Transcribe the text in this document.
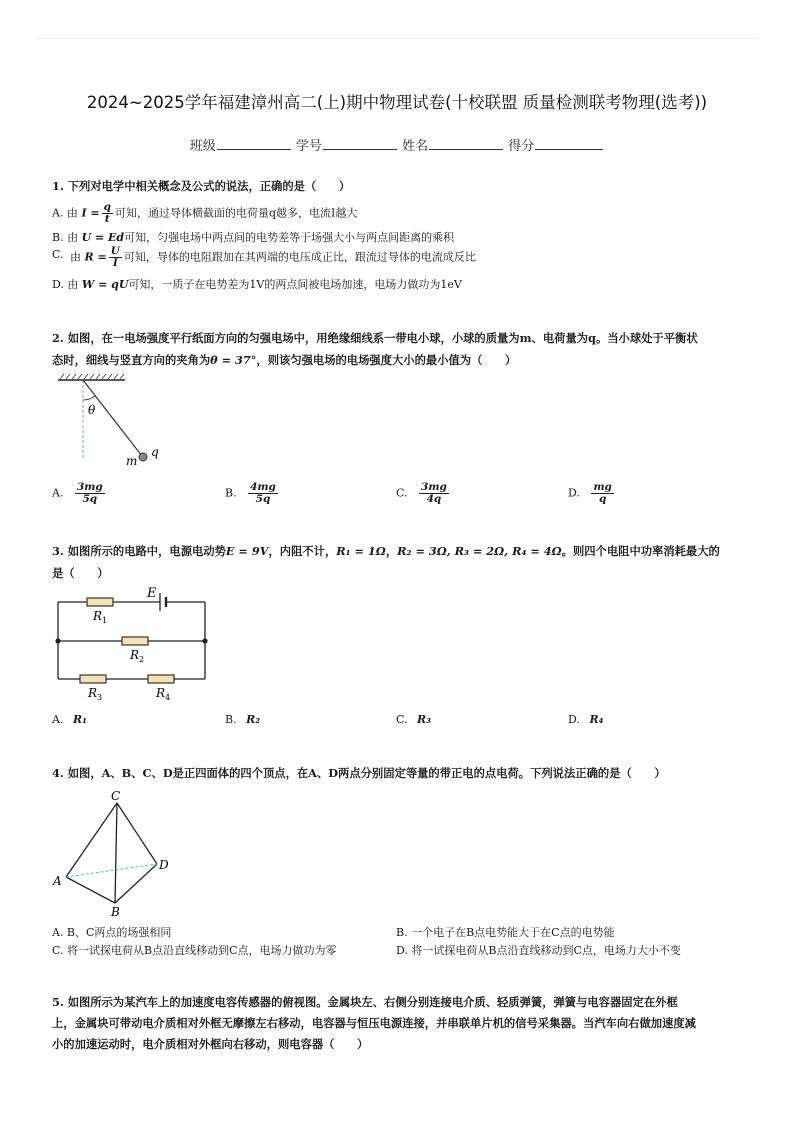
2024~2025学年福建漳州高二(上)期中物理试卷(十校联盟 质量检测联考物理(选考))
班级	学号	姓名	得分
1. 下列对电学中相关概念及公式的说法，正确的是（　　）
A. 由 $I = \frac{q}{t}$ 可知，通过导体横截面的电荷量q越多，电流I越大
B. 由 U = Ed可知，匀强电场中两点间的电势差等于场强大小与两点间距离的乘积
C. 由 $R = \frac{U}{I}$ 可知，导体的电阻跟加在其两端的电压成正比，跟流过导体的电流成反比
D. 由 W = qU可知，一质子在电势差为1V的两点间被电场加速，电场力做功为1eV
2. 如图，在一电场强度平行纸面方向的匀强电场中，用绝缘细线系一带电小球，小球的质量为m、电荷量为q。当小球处于平衡状
态时，细线与竖直方向的夹角为θ = 37°，则该匀强电场的电场强度大小的最小值为（　　）
θ
m
q
A. $\frac{3mg}{5q}$	B. $\frac{4mg}{5q}$	C. $\frac{3mg}{4q}$	D. $\frac{mg}{q}$
3. 如图所示的电路中，电源电动势E = 9V，内阻不计，R₁ = 1Ω，R₂ = 3Ω, R₃ = 2Ω, R₄ = 4Ω。则四个电阻中功率消耗最大的
是（　　）
E
$R_1$
$R_2$
$R_3$	$R_4$
A. R₁	B. R₂	C. R₃	D. R₄
4. 如图，A、B、C、D是正四面体的四个顶点，在A、D两点分别固定等量的带正电的点电荷。下列说法正确的是（　　）
C
A
B
D
A. B、C两点的场强相同	B. 一个电子在B点电势能大于在C点的电势能
C. 将一试探电荷从B点沿直线移动到C点，电场力做功为零	D. 将一试探电荷从B点沿直线移动到C点，电场力大小不变
5. 如图所示为某汽车上的加速度电容传感器的俯视图。金属块左、右侧分别连接电介质、轻质弹簧，弹簧与电容器固定在外框
上，金属块可带动电介质相对外框无摩擦左右移动，电容器与恒压电源连接，并串联单片机的信号采集器。当汽车向右做加速度减
小的加速运动时，电介质相对外框向右移动，则电容器（　　）
